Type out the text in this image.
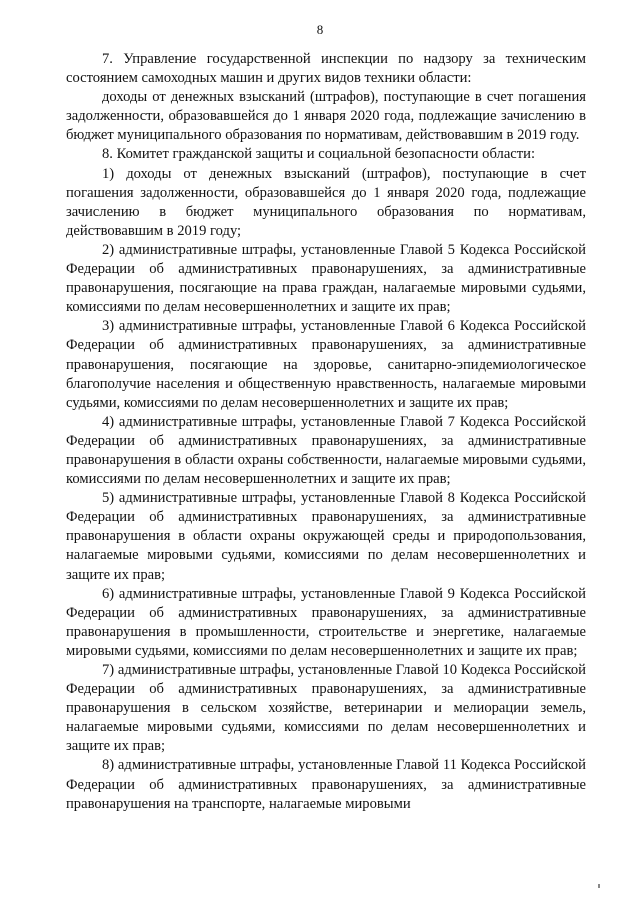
8

7. Управление государственной инспекции по надзору за техническим состоянием самоходных машин и других видов техники области:

доходы от денежных взысканий (штрафов), поступающие в счет погашения задолженности, образовавшейся до 1 января 2020 года, подлежащие зачислению в бюджет муниципального образования по нормативам, действовавшим в 2019 году.

8. Комитет гражданской защиты и социальной безопасности области:

1) доходы от денежных взысканий (штрафов), поступающие в счет погашения задолженности, образовавшейся до 1 января 2020 года, подлежащие зачислению в бюджет муниципального образования по нормативам, действовавшим в 2019 году;

2) административные штрафы, установленные Главой 5 Кодекса Российской Федерации об административных правонарушениях, за административные правонарушения, посягающие на права граждан, налагаемые мировыми судьями, комиссиями по делам несовершеннолетних и защите их прав;

3) административные штрафы, установленные Главой 6 Кодекса Российской Федерации об административных правонарушениях, за административные правонарушения, посягающие на здоровье, санитарно-эпидемиологическое благополучие населения и общественную нравственность, налагаемые мировыми судьями, комиссиями по делам несовершеннолетних и защите их прав;

4) административные штрафы, установленные Главой 7 Кодекса Российской Федерации об административных правонарушениях, за административные правонарушения в области охраны собственности, налагаемые мировыми судьями, комиссиями по делам несовершеннолетних и защите их прав;

5) административные штрафы, установленные Главой 8 Кодекса Российской Федерации об административных правонарушениях, за административные правонарушения в области охраны окружающей среды и природопользования, налагаемые мировыми судьями, комиссиями по делам несовершеннолетних и защите их прав;

6) административные штрафы, установленные Главой 9 Кодекса Российской Федерации об административных правонарушениях, за административные правонарушения в промышленности, строительстве и энергетике, налагаемые мировыми судьями, комиссиями по делам несовершеннолетних и защите их прав;

7) административные штрафы, установленные Главой 10 Кодекса Российской Федерации об административных правонарушениях, за административные правонарушения в сельском хозяйстве, ветеринарии и мелиорации земель, налагаемые мировыми судьями, комиссиями по делам несовершеннолетних и защите их прав;

8) административные штрафы, установленные Главой 11 Кодекса Российской Федерации об административных правонарушениях, за административные правонарушения на транспорте, налагаемые мировыми
